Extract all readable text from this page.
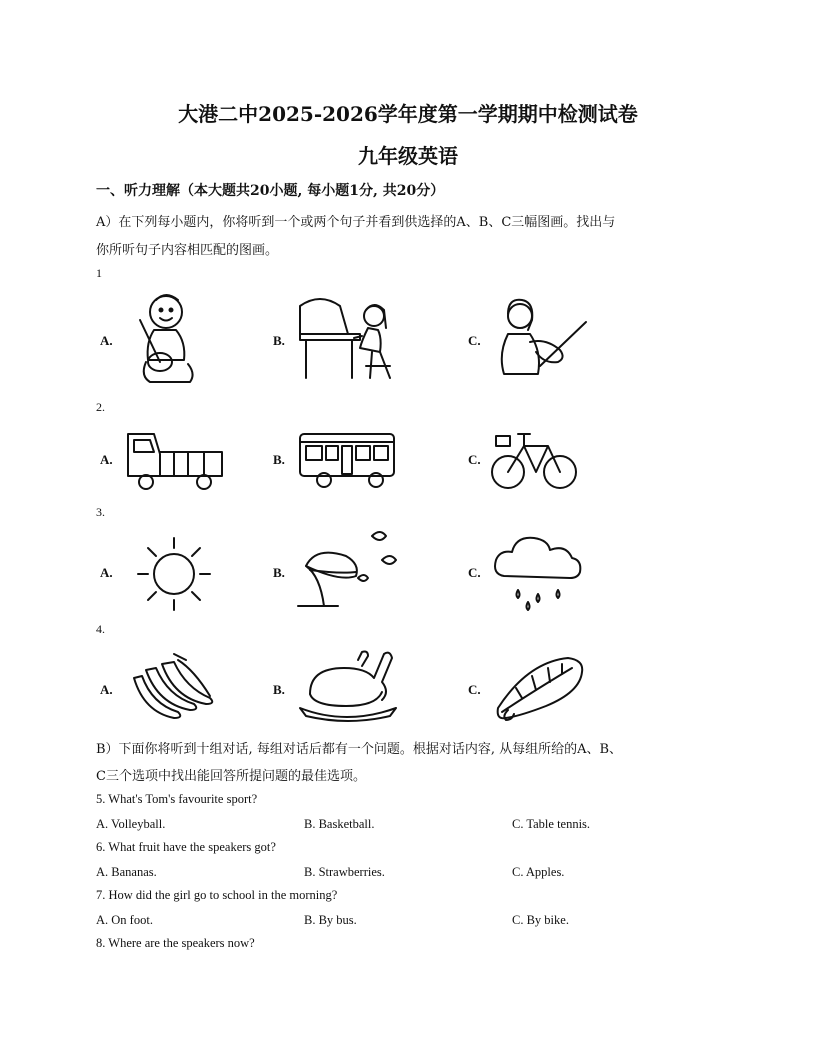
大港二中2025-2026学年度第一学期期中检测试卷
九年级英语
一、听力理解（本大题共20小题, 每小题1分, 共20分）
A）在下列每小题内，你将听到一个或两个句子并看到供选择的A、B、C三幅图画。找出与
你所听句子内容相匹配的图画。
1
A.	B.	C.
2.
A.	B.	C.
3.
A.	B.	C.
4.
A.	B.	C.
B）下面你将听到十组对话, 每组对话后都有一个问题。根据对话内容, 从每组所给的A、B、
C三个选项中找出能回答所提问题的最佳选项。
5. What's Tom's favourite sport?
A. Volleyball.	B. Basketball.	C. Table tennis.
6. What fruit have the speakers got?
A. Bananas.	B. Strawberries.	C. Apples.
7. How did the girl go to school in the morning?
A. On foot.	B. By bus.	C. By bike.
8. Where are the speakers now?
